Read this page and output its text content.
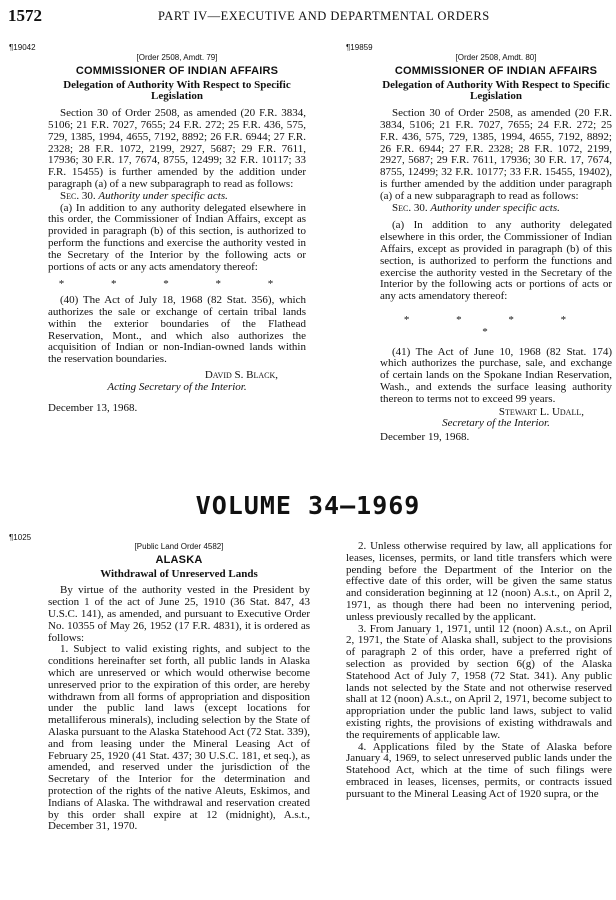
1572	PART IV—EXECUTIVE AND DEPARTMENTAL ORDERS
¶19042
[Order 2508, Amdt. 79]
COMMISSIONER OF INDIAN AFFAIRS
Delegation of Authority With Respect to Specific Legislation

Section 30 of Order 2508, as amended (20 F.R. 3834, 5106; 21 F.R. 7027, 7655; 24 F.R. 272; 25 F.R. 436, 575, 729, 1385, 1994, 4655, 7192, 8892; 26 F.R. 6944; 27 F.R. 2328; 28 F.R. 1072, 2199, 2927, 5687; 29 F.R. 7611, 17936; 30 F.R. 17, 7674, 8755, 12499; 32 F.R. 10117; 33 F.R. 15455) is further amended by the addition under paragraph (a) of a new subparagraph to read as follows:

Sec. 30. Authority under specific acts.

(a) In addition to any authority delegated elsewhere in this order, the Commissioner of Indian Affairs, except as provided in paragraph (b) of this section, is authorized to perform the functions and exercise the authority vested in the Secretary of the Interior by the following acts or portions of acts or any acts amendatory thereof:

* * * * *

(40) The Act of July 18, 1968 (82 Stat. 356), which authorizes the sale or exchange of certain tribal lands within the exterior boundaries of the Flathead Reservation, Mont., and which also authorizes the acquisition of Indian or non-Indian-owned lands within the reservation boundaries.

David S. Black,
Acting Secretary of the Interior.
December 13, 1968.
¶19859
[Order 2508, Amdt. 80]
COMMISSIONER OF INDIAN AFFAIRS
Delegation of Authority With Respect to Specific Legislation

Section 30 of Order 2508, as amended (20 F.R. 3834, 5106; 21 F.R. 7027, 7655; 24 F.R. 272; 25 F.R. 436, 575, 729, 1385, 1994, 4655, 7192, 8892; 26 F.R. 6944; 27 F.R. 2328; 28 F.R. 1072, 2199, 2927, 5687; 29 F.R. 7611, 17936; 30 F.R. 17, 7674, 8755, 12499; 32 F.R. 10177; 33 F.R. 15455, 19402), is further amended by the addition under paragraph (a) of a new subparagraph to read as follows:

Sec. 30. Authority under specific acts.

(a) In addition to any authority delegated elsewhere in this order, the Commissioner of Indian Affairs, except as provided in paragraph (b) of this section, is authorized to perform the functions and exercise the authority vested in the Secretary of the Interior by the following acts or portions of acts or any acts amendatory thereof:

* * * * *

(41) The Act of June 10, 1968 (82 Stat. 174) which authorizes the purchase, sale, and exchange of certain lands on the Spokane Indian Reservation, Wash., and extends the surface leasing authority thereon to terms not to exceed 99 years.

Stewart L. Udall,
Secretary of the Interior.
December 19, 1968.
VOLUME 34—1969
¶1025
[Public Land Order 4582]
ALASKA
Withdrawal of Unreserved Lands

By virtue of the authority vested in the President by section 1 of the act of June 25, 1910 (36 Stat. 847, 43 U.S.C. 141), as amended, and pursuant to Executive Order No. 10355 of May 26, 1952 (17 F.R. 4831), it is ordered as follows:

1. Subject to valid existing rights, and subject to the conditions hereinafter set forth, all public lands in Alaska which are unreserved or which would otherwise become unreserved prior to the expiration of this order, are hereby withdrawn from all forms of appropriation and disposition under the public land laws (except locations for metalliferous minerals), including selection by the State of Alaska pursuant to the Alaska Statehood Act (72 Stat. 339), and from leasing under the Mineral Leasing Act of February 25, 1920 (41 Stat. 437; 30 U.S.C. 181, et seq.), as amended, and reserved under the jurisdiction of the Secretary of the Interior for the determination and protection of the rights of the native Aleuts, Eskimos, and Indians of Alaska. The withdrawal and reservation created by this order shall expire at 12 (midnight), A.s.t., December 31, 1970.

2. Unless otherwise required by law, all applications for leases, licenses, permits, or land title transfers which were pending before the Department of the Interior on the effective date of this order, will be given the same status and consideration beginning at 12 (noon) A.s.t., on April 2, 1971, as though there had been no intervening period, unless previously recalled by the applicant.

3. From January 1, 1971, until 12 (noon) A.s.t., on April 2, 1971, the State of Alaska shall, subject to the provisions of paragraph 2 of this order, have a preferred right of selection as provided by section 6(g) of the Alaska Statehood Act of July 7, 1958 (72 Stat. 341). Any public lands not selected by the State and not otherwise reserved shall at 12 (noon) A.s.t., on April 2, 1971, become subject to appropriation under the public land laws, subject to valid existing rights, the provisions of existing withdrawals and the requirements of applicable law.

4. Applications filed by the State of Alaska before January 4, 1969, to select unreserved public lands under the Statehood Act, which at the time of such filings were embraced in leases, licenses, permits, or contracts issued pursuant to the Mineral Leasing Act of 1920 supra, or the
